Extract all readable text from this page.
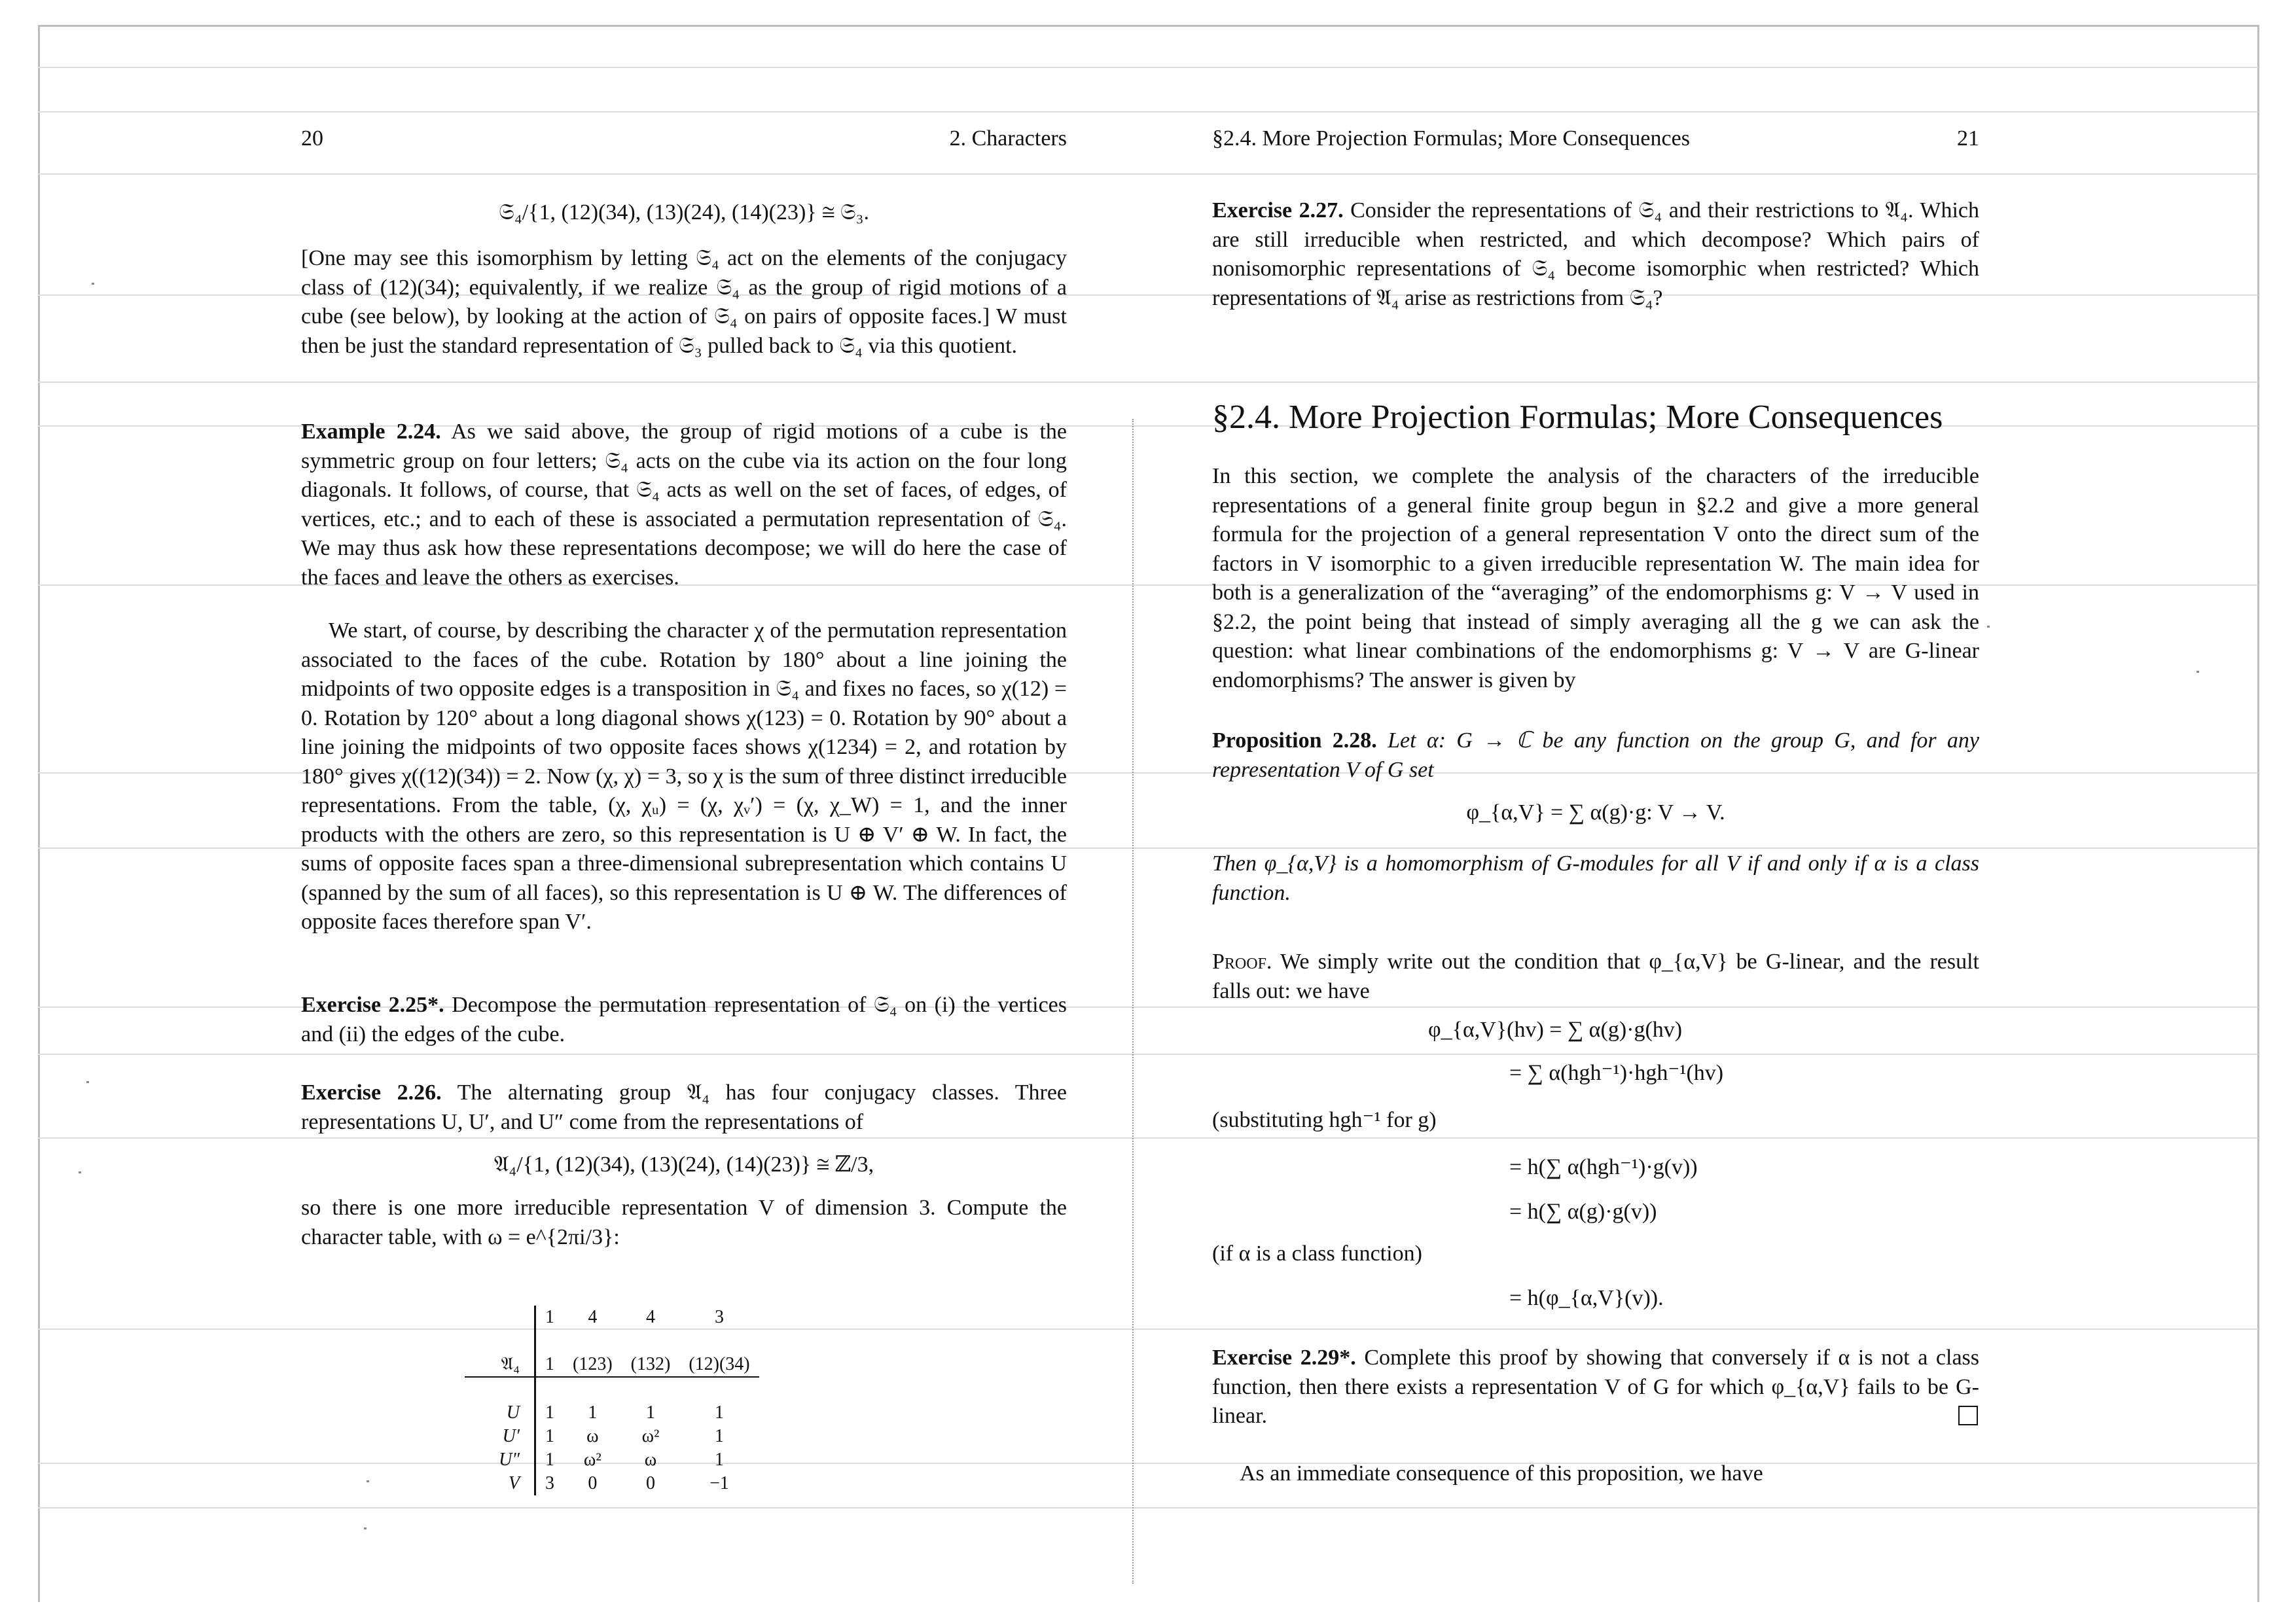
20	2. Characters
𝔖₄/{1, (12)(34), (13)(24), (14)(23)} ≅ 𝔖₃.
[One may see this isomorphism by letting 𝔖₄ act on the elements of the conjugacy class of (12)(34); equivalently, if we realize 𝔖₄ as the group of rigid motions of a cube (see below), by looking at the action of 𝔖₄ on pairs of opposite faces.] W must then be just the standard representation of 𝔖₃ pulled back to 𝔖₄ via this quotient.
Example 2.24. As we said above, the group of rigid motions of a cube is the symmetric group on four letters; 𝔖₄ acts on the cube via its action on the four long diagonals. It follows, of course, that 𝔖₄ acts as well on the set of faces, of edges, of vertices, etc.; and to each of these is associated a permutation representation of 𝔖₄. We may thus ask how these representations decompose; we will do here the case of the faces and leave the others as exercises.
We start, of course, by describing the character χ of the permutation representation associated to the faces of the cube. Rotation by 180° about a line joining the midpoints of two opposite edges is a transposition in 𝔖₄ and fixes no faces, so χ(12) = 0. Rotation by 120° about a long diagonal shows χ(123) = 0. Rotation by 90° about a line joining the midpoints of two opposite faces shows χ(1234) = 2, and rotation by 180° gives χ((12)(34)) = 2. Now (χ, χ) = 3, so χ is the sum of three distinct irreducible representations. From the table, (χ, χᵤ) = (χ, χᵥ′) = (χ, χ_W) = 1, and the inner products with the others are zero, so this representation is U ⊕ V′ ⊕ W. In fact, the sums of opposite faces span a three-dimensional subrepresentation which contains U (spanned by the sum of all faces), so this representation is U ⊕ W. The differences of opposite faces therefore span V′.
Exercise 2.25*. Decompose the permutation representation of 𝔖₄ on (i) the vertices and (ii) the edges of the cube.
Exercise 2.26. The alternating group 𝔄₄ has four conjugacy classes. Three representations U, U′, and U″ come from the representations of
𝔄₄/{1, (12)(34), (13)(24), (14)(23)} ≅ ℤ/3,
so there is one more irreducible representation V of dimension 3. Compute the character table, with ω = e^{2πi/3}:
	1	4	4	3

𝔄₄	1	(123)	(132)	(12)(34)

U	1	1	1	1
U′	1	ω	ω²	1
U″	1	ω²	ω	1
V	3	0	0	−1
§2.4. More Projection Formulas; More Consequences	21
Exercise 2.27. Consider the representations of 𝔖₄ and their restrictions to 𝔄₄. Which are still irreducible when restricted, and which decompose? Which pairs of nonisomorphic representations of 𝔖₄ become isomorphic when restricted? Which representations of 𝔄₄ arise as restrictions from 𝔖₄?
§2.4. More Projection Formulas; More Consequences
In this section, we complete the analysis of the characters of the irreducible representations of a general finite group begun in §2.2 and give a more general formula for the projection of a general representation V onto the direct sum of the factors in V isomorphic to a given irreducible representation W. The main idea for both is a generalization of the “averaging” of the endomorphisms g: V → V used in §2.2, the point being that instead of simply averaging all the g we can ask the question: what linear combinations of the endomorphisms g: V → V are G-linear endomorphisms? The answer is given by
Proposition 2.28. Let α: G → ℂ be any function on the group G, and for any representation V of G set
φ_{α,V} = ∑ α(g)·g: V → V.
Then φ_{α,V} is a homomorphism of G-modules for all V if and only if α is a class function.
Proof. We simply write out the condition that φ_{α,V} be G-linear, and the result falls out: we have
φ_{α,V}(hv) = ∑ α(g)·g(hv)
= ∑ α(hgh⁻¹)·hgh⁻¹(hv)
(substituting hgh⁻¹ for g)
= h(∑ α(hgh⁻¹)·g(v))
= h(∑ α(g)·g(v))
(if α is a class function)
= h(φ_{α,V}(v)).
Exercise 2.29*. Complete this proof by showing that conversely if α is not a class function, then there exists a representation V of G for which φ_{α,V} fails to be G-linear.
As an immediate consequence of this proposition, we have
